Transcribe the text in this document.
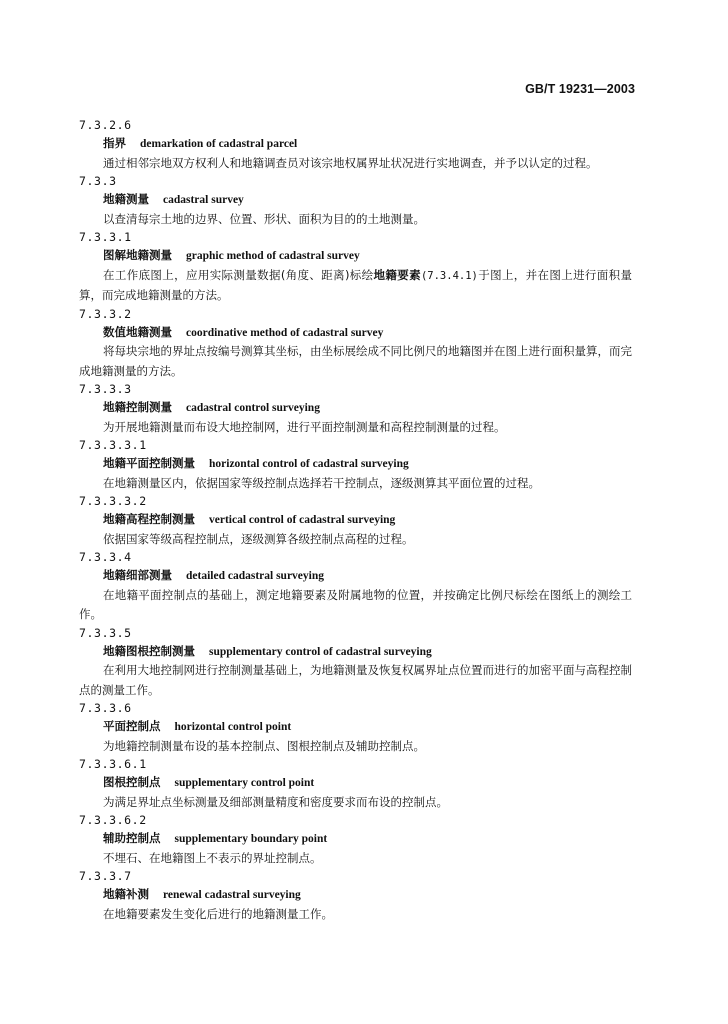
GB/T 19231—2003
7.3.2.6
指界 demarkation of cadastral parcel

通过相邻宗地双方权利人和地籍调查员对该宗地权属界址状况进行实地调查，并予以认定的过程。

7.3.3
地籍测量 cadastral survey

以查清每宗土地的边界、位置、形状、面积为目的的土地测量。

7.3.3.1
图解地籍测量 graphic method of cadastral survey

在工作底图上，应用实际测量数据(角度、距离)标绘地籍要素(7.3.4.1)于图上，并在图上进行面积量算，而完成地籍测量的方法。

7.3.3.2
数值地籍测量 coordinative method of cadastral survey

将每块宗地的界址点按编号测算其坐标，由坐标展绘成不同比例尺的地籍图并在图上进行面积量算，而完成地籍测量的方法。

7.3.3.3
地籍控制测量 cadastral control surveying

为开展地籍测量而布设大地控制网，进行平面控制测量和高程控制测量的过程。

7.3.3.3.1
地籍平面控制测量 horizontal control of cadastral surveying

在地籍测量区内，依据国家等级控制点选择若干控制点，逐级测算其平面位置的过程。

7.3.3.3.2
地籍高程控制测量 vertical control of cadastral surveying

依据国家等级高程控制点，逐级测算各级控制点高程的过程。

7.3.3.4
地籍细部测量 detailed cadastral surveying

在地籍平面控制点的基础上，测定地籍要素及附属地物的位置，并按确定比例尺标绘在图纸上的测绘工作。

7.3.3.5
地籍图根控制测量 supplementary control of cadastral surveying

在利用大地控制网进行控制测量基础上，为地籍测量及恢复权属界址点位置而进行的加密平面与高程控制点的测量工作。

7.3.3.6
平面控制点 horizontal control point

为地籍控制测量布设的基本控制点、图根控制点及辅助控制点。

7.3.3.6.1
图根控制点 supplementary control point

为满足界址点坐标测量及细部测量精度和密度要求而布设的控制点。

7.3.3.6.2
辅助控制点 supplementary boundary point

不埋石、在地籍图上不表示的界址控制点。

7.3.3.7
地籍补测 renewal cadastral surveying

在地籍要素发生变化后进行的地籍测量工作。
